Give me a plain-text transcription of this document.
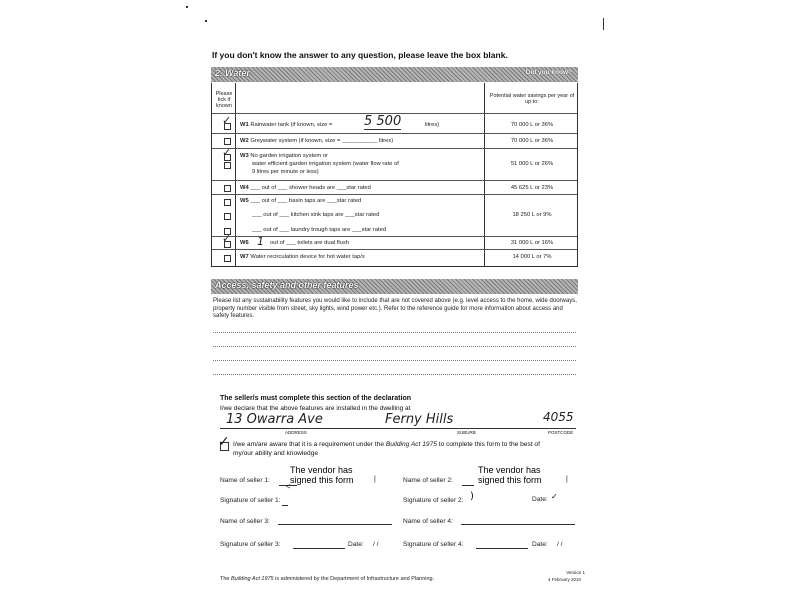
If you don't know the answer to any question, please leave the box blank.
2. Water	Did you know?
Please tick if known
Potential water savings per year of up to:
✓ W1 Rainwater tank (if known, size = 5 500	litres)	70 000 L or 36%
W2 Greywater system (if known, size = ___________ litres)	70 000 L or 36%
✓ W3 No garden irrigation system or
water efficient garden irrigation system (water flow rate of
9 litres per minute or less)
51 000 L or 26%
W4 ___ out of ___ shower heads are ___star rated	45 625 L or 23%
W5 ___ out of ___ basin taps are ___star rated
___ out of ___ kitchen sink taps are ___star rated
___ out of ___ laundry trough taps are ___star rated
18 250 L or 9%
✓ W6 1 out of ___ toilets are dual flush	31 000 L or 16%
W7 Water recirculation device for hot water tap/s	14 000 L or 7%
Access, safety and other features
Please list any sustainability features you would like to include that are not covered above (e.g. level access to the home, wide doorways, property number visible from street, sky lights, wind power etc.). Refer to the reference guide for more information about access and safety features.
The seller/s must complete this section of the declaration
I/we declare that the above features are installed in the dwelling at
13 Owarra Ave	Ferny Hills	4055
ADDRESS	SUBURB	POSTCODE
✓ I/we am/are aware that it is a requirement under the Building Act 1975 to complete this form to the best of
my/our ability and knowledge
Name of seller 1:
The vendor has signed this form
<
|	Name of seller 2:
The vendor has signed this form	|
Signature of seller 1:	Signature of seller 2: )	Date: ✓
Name of seller 3:	Name of seller 4:
Signature of seller 3:	Date: / /	Signature of seller 4:	Date: / /
The Building Act 1975 is administered by the Department of Infrastructure and Planning.
Version 1
4 February 2010
